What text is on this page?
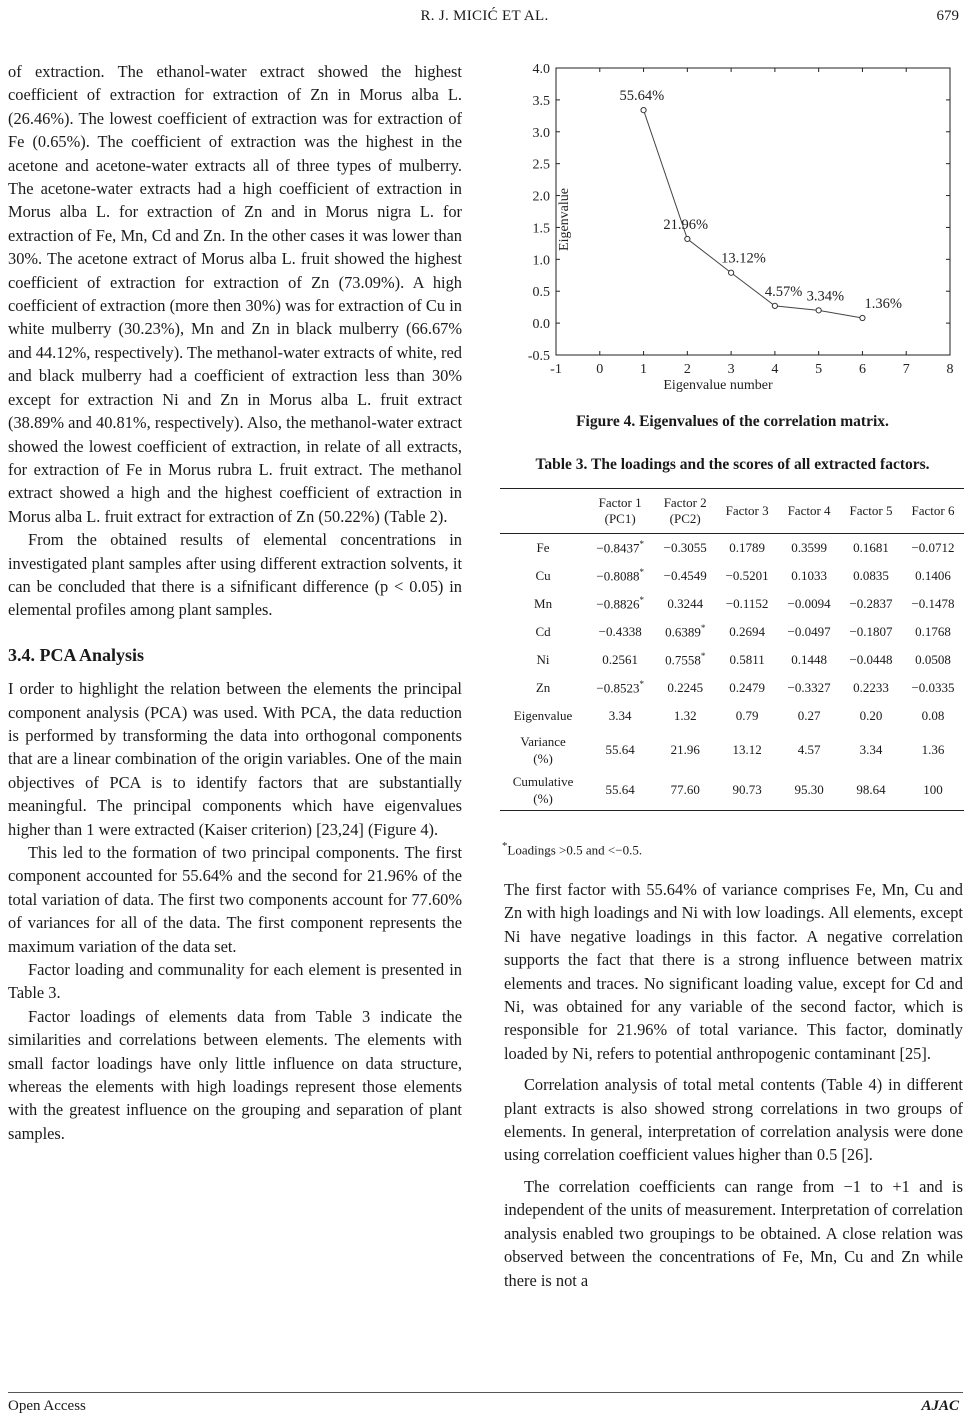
R. J. MICIĆ ET AL.	679

of extraction. The ethanol-water extract showed the highest coefficient of extraction for extraction of Zn in Morus alba L. (26.46%). The lowest coefficient of extraction was for extraction of Fe (0.65%). The coefficient of extraction was the highest in the acetone and acetone-water extracts all of three types of mulberry. The acetone-water extracts had a high coefficient of extraction in Morus alba L. for extraction of Zn and in Morus nigra L. for extraction of Fe, Mn, Cd and Zn. In the other cases it was lower than 30%. The acetone extract of Morus alba L. fruit showed the highest coefficient of extraction for extraction of Zn (73.09%). A high coefficient of extraction (more then 30%) was for extraction of Cu in white mulberry (30.23%), Mn and Zn in black mulberry (66.67% and 44.12%, respectively). The methanol-water extracts of white, red and black mulberry had a coefficient of extraction less than 30% except for extraction Ni and Zn in Morus alba L. fruit extract (38.89% and 40.81%, respectively). Also, the methanol-water extract showed the lowest coefficient of extraction, in relate of all extracts, for extraction of Fe in Morus rubra L. fruit extract. The methanol extract showed a high and the highest coefficient of extraction in Morus alba L. fruit extract for extraction of Zn (50.22%) (Table 2).

From the obtained results of elemental concentrations in investigated plant samples after using different extraction solvents, it can be concluded that there is a sifnificant difference (p < 0.05) in elemental profiles among plant samples.

3.4. PCA Analysis

I order to highlight the relation between the elements the principal component analysis (PCA) was used. With PCA, the data reduction is performed by transforming the data into orthogonal components that are a linear combination of the origin variables. One of the main objectives of PCA is to identify factors that are substantially meaningful. The principal components which have eigenvalues higher than 1 were extracted (Kaiser criterion) [23,24] (Figure 4).

This led to the formation of two principal components. The first component accounted for 55.64% and the second for 21.96% of the total variation of data. The first two components account for 77.60% of variances for all of the data. The first component represents the maximum variation of the data set.

Factor loading and communality for each element is presented in Table 3.

Factor loadings of elements data from Table 3 indicate the similarities and correlations between elements. The elements with small factor loadings have only little influence on data structure, whereas the elements with high loadings represent those elements with the greatest influence on the grouping and separation of plant samples.

-0.5
0.0
0.5
1.0
1.5
2.0
2.5
3.0
3.5
4.0
-1 0	1	2	3	4	5	6	7	8
55.64%
21.96%
13.12%
4.57% 3.34% 1.36%
Eigenvalue
Eigenvalue number
Figure 4. Eigenvalues of the correlation matrix.
Table 3. The loadings and the scores of all extracted factors.
	Factor 1
(PC1)	Factor 2
(PC2)	Factor 3	Factor 4	Factor 5	Factor 6
Fe	−0.8437*	−0.3055	0.1789	0.3599	0.1681	−0.0712
Cu	−0.8088*	−0.4549	−0.5201	0.1033	0.0835	0.1406
Mn	−0.8826*	0.3244	−0.1152	−0.0094	−0.2837	−0.1478
Cd	−0.4338	0.6389*	0.2694	−0.0497	−0.1807	0.1768
Ni	0.2561	0.7558*	0.5811	0.1448	−0.0448	0.0508
Zn	−0.8523*	0.2245	0.2479	−0.3327	0.2233	−0.0335
Eigenvalue	3.34	1.32	0.79	0.27	0.20	0.08
Variance
(%)	55.64	21.96	13.12	4.57	3.34	1.36
Cumulative
(%)	55.64	77.60	90.73	95.30	98.64	100
*Loadings >0.5 and <−0.5.

The first factor with 55.64% of variance comprises Fe, Mn, Cu and Zn with high loadings and Ni with low loadings. All elements, except Ni have negative loadings in this factor. A negative correlation supports the fact that there is a strong influence between matrix elements and traces. No significant loading value, except for Cd and Ni, was obtained for any variable of the second factor, which is responsible for 21.96% of total variance. This factor, dominatly loaded by Ni, refers to potential anthropogenic contaminant [25].

Correlation analysis of total metal contents (Table 4) in different plant extracts is also showed strong correlations in two groups of elements. In general, interpretation of correlation analysis were done using correlation coefficient values higher than 0.5 [26].

The correlation coefficients can range from −1 to +1 and is independent of the units of measurement. Interpretation of correlation analysis enabled two groupings to be obtained. A close relation was observed between the concentrations of Fe, Mn, Cu and Zn while there is not a

Open Access	AJAC
